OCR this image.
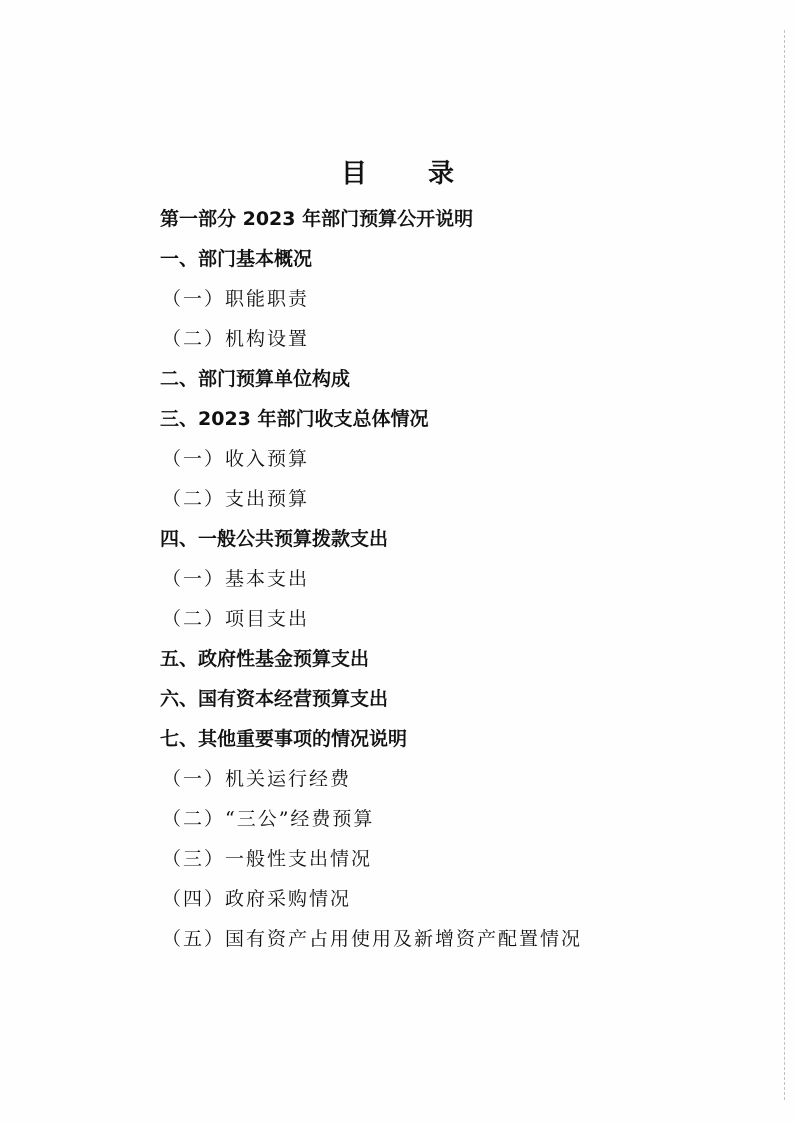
目 录
第一部分 2023 年部门预算公开说明
一、部门基本概况
（一）职能职责
（二）机构设置
二、部门预算单位构成
三、2023 年部门收支总体情况
（一）收入预算
（二）支出预算
四、一般公共预算拨款支出
（一）基本支出
（二）项目支出
五、政府性基金预算支出
六、国有资本经营预算支出
七、其他重要事项的情况说明
（一）机关运行经费
（二）“三公”经费预算
（三）一般性支出情况
（四）政府采购情况
（五）国有资产占用使用及新增资产配置情况
